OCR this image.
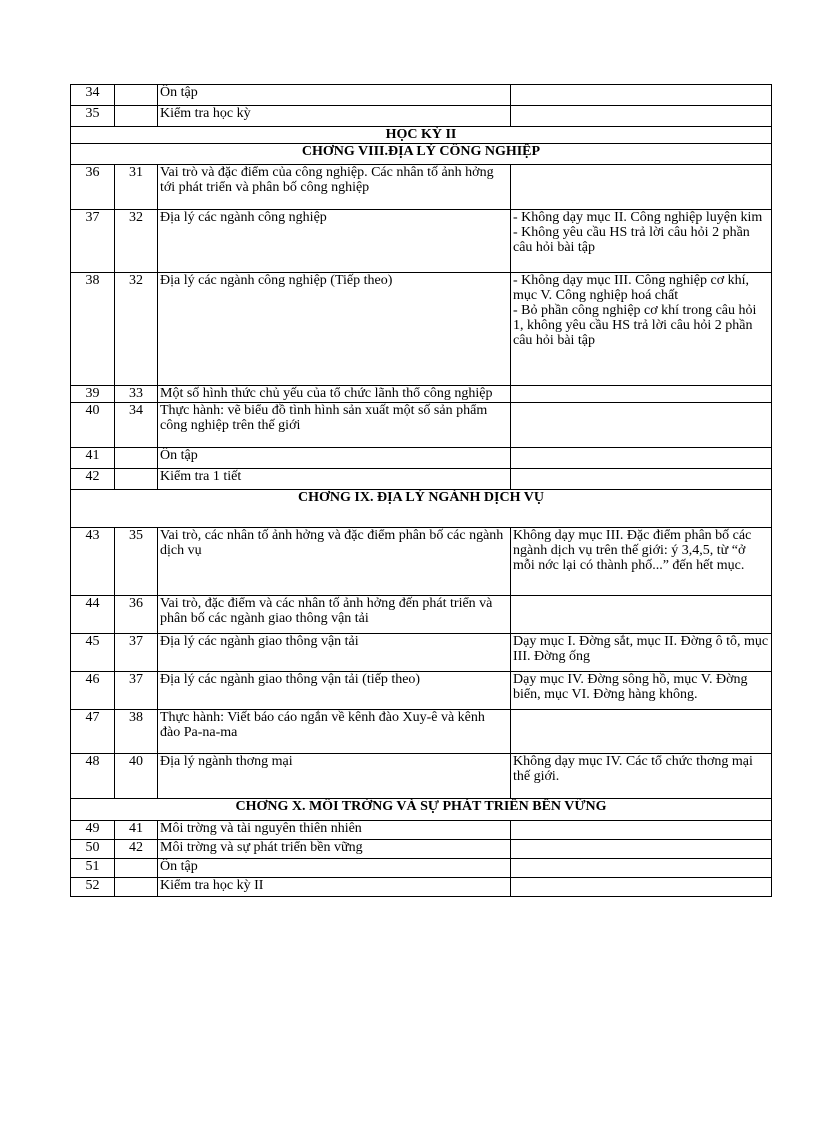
34		Ôn tập	
35		Kiểm tra học kỳ	
HỌC KỲ II			
CHƠNG VIII.ĐỊA LÝ CÔNG NGHIỆP			
36	31	Vai trò và đặc điểm của công nghiệp. Các nhân tố ảnh hởng tới phát triển và phân bố công nghiệp	
37	32	Địa lý các ngành công nghiệp	- Không dạy mục II. Công nghiệp luyện kim
- Không yêu cầu HS trả lời câu hỏi 2 phần câu hỏi bài tập

38	32	Địa lý các ngành công nghiệp (Tiếp theo)	- Không dạy mục III. Công nghiệp cơ khí, mục V. Công nghiệp hoá chất
- Bỏ phần công nghiệp cơ khí trong câu hỏi 1, không yêu cầu HS trả lời câu hỏi 2 phần câu hỏi bài tập

39	33	Một số hình thức chủ yếu của tổ chức lãnh thổ công nghiệp	
40	34	Thực hành: vẽ biểu đồ tình hình sản xuất một số sản phẩm công nghiệp trên thế giới	
41		Ôn tập	
42		Kiểm tra 1 tiết	
CHƠNG IX. ĐỊA LÝ NGÀNH DỊCH VỤ			
43	35	Vai trò, các nhân tố ảnh hởng và đặc điểm phân bố các ngành dịch vụ	Không dạy mục III. Đặc điểm phân bố các ngành dịch vụ trên thế giới: ý 3,4,5, từ “ở mỗi nớc lại có thành phố...” đến hết mục.

44	36	Vai trò, đặc điểm và các nhân tố ảnh hởng đến phát triển và phân bố các ngành giao thông vận tải	
45	37	Địa lý các ngành giao thông vận tải	Dạy mục I. Đờng sắt, mục II. Đờng ô tô, mục III. Đờng ống

46	37	Địa lý các ngành giao thông vận tải (tiếp theo)	Dạy mục IV. Đờng sông hồ, mục V. Đờng biển, mục VI. Đờng hàng không.

47	38	Thực hành: Viết báo cáo ngắn về kênh đào Xuy-ê và kênh đào Pa-na-ma	
48	40	Địa lý ngành thơng mại	Không dạy mục IV. Các tổ chức thơng mại thế giới.

CHƠNG X. MÔI TRỜNG VÀ SỰ PHÁT TRIỂN BỀN VỮNG			
49	41	Môi trờng và tài nguyên thiên nhiên	
50	42	Môi trờng và sự phát triển bền vững	
51		Ôn tập	
52		Kiểm tra học kỳ II	
